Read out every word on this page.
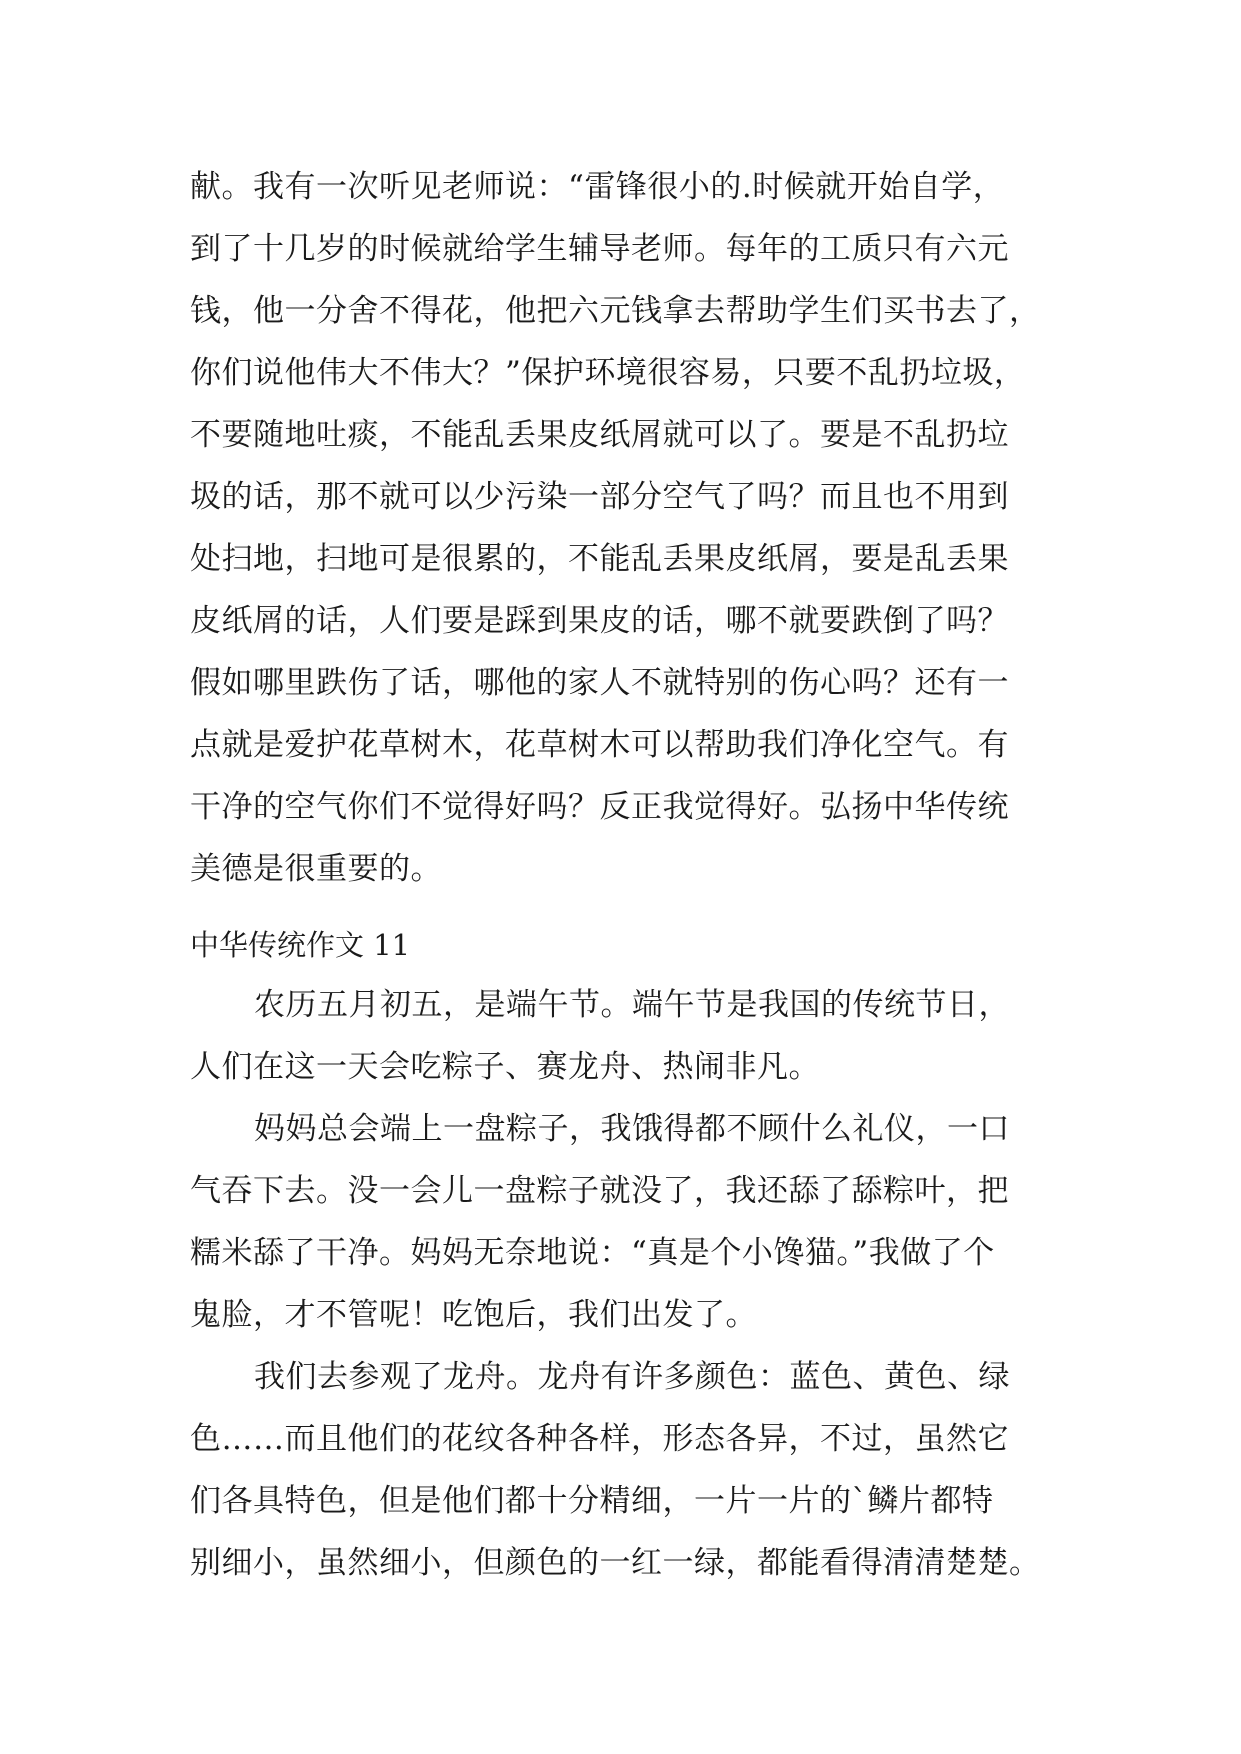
献。我有一次听见老师说：“雷锋很小的.时候就开始自学，
到了十几岁的时候就给学生辅导老师。每年的工质只有六元
钱，他一分舍不得花，他把六元钱拿去帮助学生们买书去了，
你们说他伟大不伟大？”保护环境很容易，只要不乱扔垃圾，
不要随地吐痰，不能乱丢果皮纸屑就可以了。要是不乱扔垃
圾的话，那不就可以少污染一部分空气了吗？而且也不用到
处扫地，扫地可是很累的，不能乱丢果皮纸屑，要是乱丢果
皮纸屑的话，人们要是踩到果皮的话，哪不就要跌倒了吗？
假如哪里跌伤了话，哪他的家人不就特别的伤心吗？还有一
点就是爱护花草树木，花草树木可以帮助我们净化空气。有
干净的空气你们不觉得好吗？反正我觉得好。弘扬中华传统
美德是很重要的。
中华传统作文 11
农历五月初五，是端午节。端午节是我国的传统节日，
人们在这一天会吃粽子、赛龙舟、热闹非凡。
妈妈总会端上一盘粽子，我饿得都不顾什么礼仪，一口
气吞下去。没一会儿一盘粽子就没了，我还舔了舔粽叶，把
糯米舔了干净。妈妈无奈地说：“真是个小馋猫。”我做了个
鬼脸，才不管呢！吃饱后，我们出发了。
我们去参观了龙舟。龙舟有许多颜色：蓝色、黄色、绿
色……而且他们的花纹各种各样，形态各异，不过，虽然它
们各具特色，但是他们都十分精细，一片一片的`鳞片都特
别细小，虽然细小，但颜色的一红一绿，都能看得清清楚楚。
